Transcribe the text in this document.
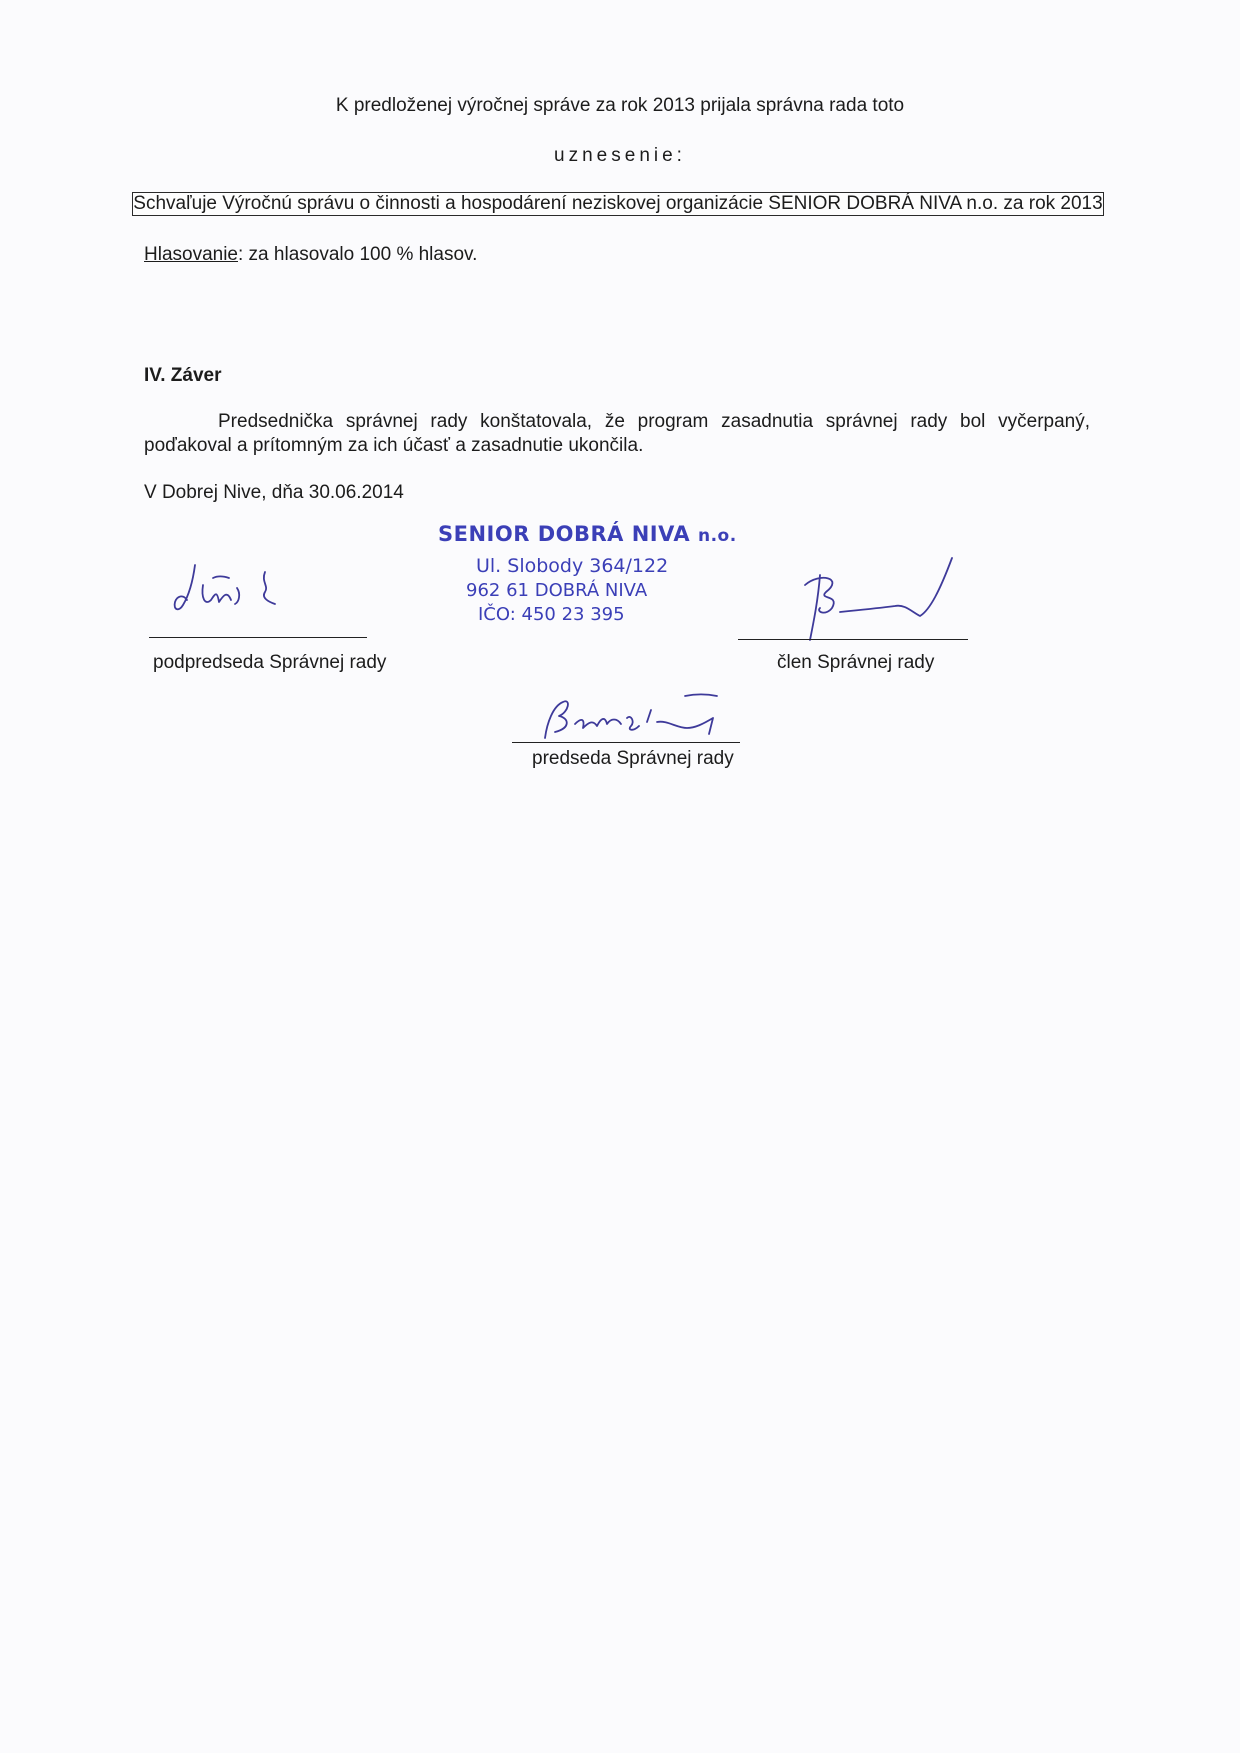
K predloženej výročnej správe za rok 2013 prijala správna rada toto
uznesenie:
Schvaľuje Výročnú správu o činnosti a hospodárení neziskovej organizácie SENIOR DOBRÁ NIVA n.o. za rok 2013
Hlasovanie: za hlasovalo 100 % hlasov.
IV. Záver
Predsednička správnej rady konštatovala, že program zasadnutia správnej rady bol vyčerpaný, poďakoval a prítomným za ich účasť a zasadnutie ukončila.
V Dobrej Nive, dňa 30.06.2014
SENIOR DOBRÁ NIVA n.o.
Ul. Slobody 364/122
962 61 DOBRÁ NIVA
IČO: 450 23 395
podpredseda Správnej rady	člen Správnej rady
predseda Správnej rady
